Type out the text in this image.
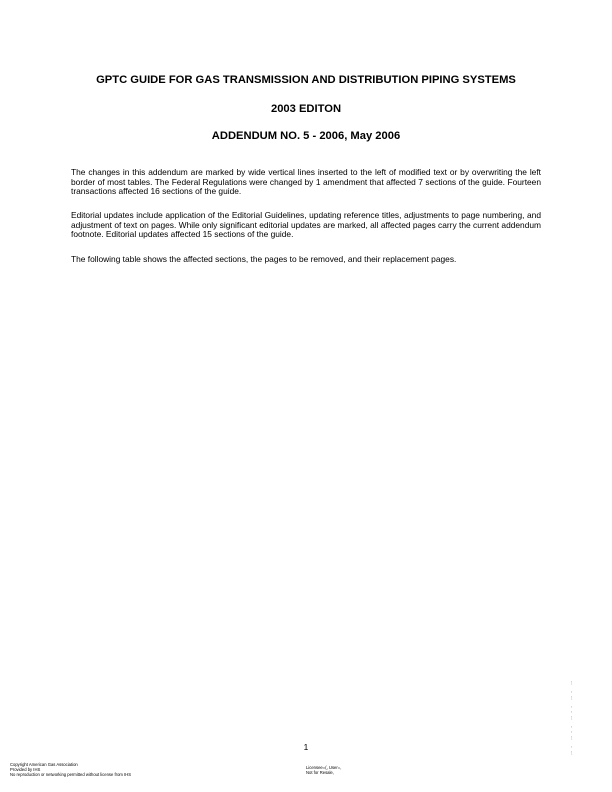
GPTC GUIDE FOR GAS TRANSMISSION AND DISTRIBUTION PIPING SYSTEMS
2003 EDITON
ADDENDUM NO. 5 - 2006, May 2006
The changes in this addendum are marked by wide vertical lines inserted to the left of modified text or by overwriting the left border of most tables. The Federal Regulations were changed by 1 amendment that affected 7 sections of the guide. Fourteen transactions affected 16 sections of the guide.
Editorial updates include application of the Editorial Guidelines, updating reference titles, adjustments to page numbering, and adjustment of text on pages. While only significant editorial updates are marked, all affected pages carry the current addendum footnote. Editorial updates affected 15 sections of the guide.
The following table shows the affected sections, the pages to be removed, and their replacement pages.
,
`
,
,
`
,
,
,
`
,
,
,
`
,
,
`
1
Copyright American Gas Association
Provided by IHS
No reproduction or networking permitted without license from IHS
Licensee=(, User=,
Not for Resale,
